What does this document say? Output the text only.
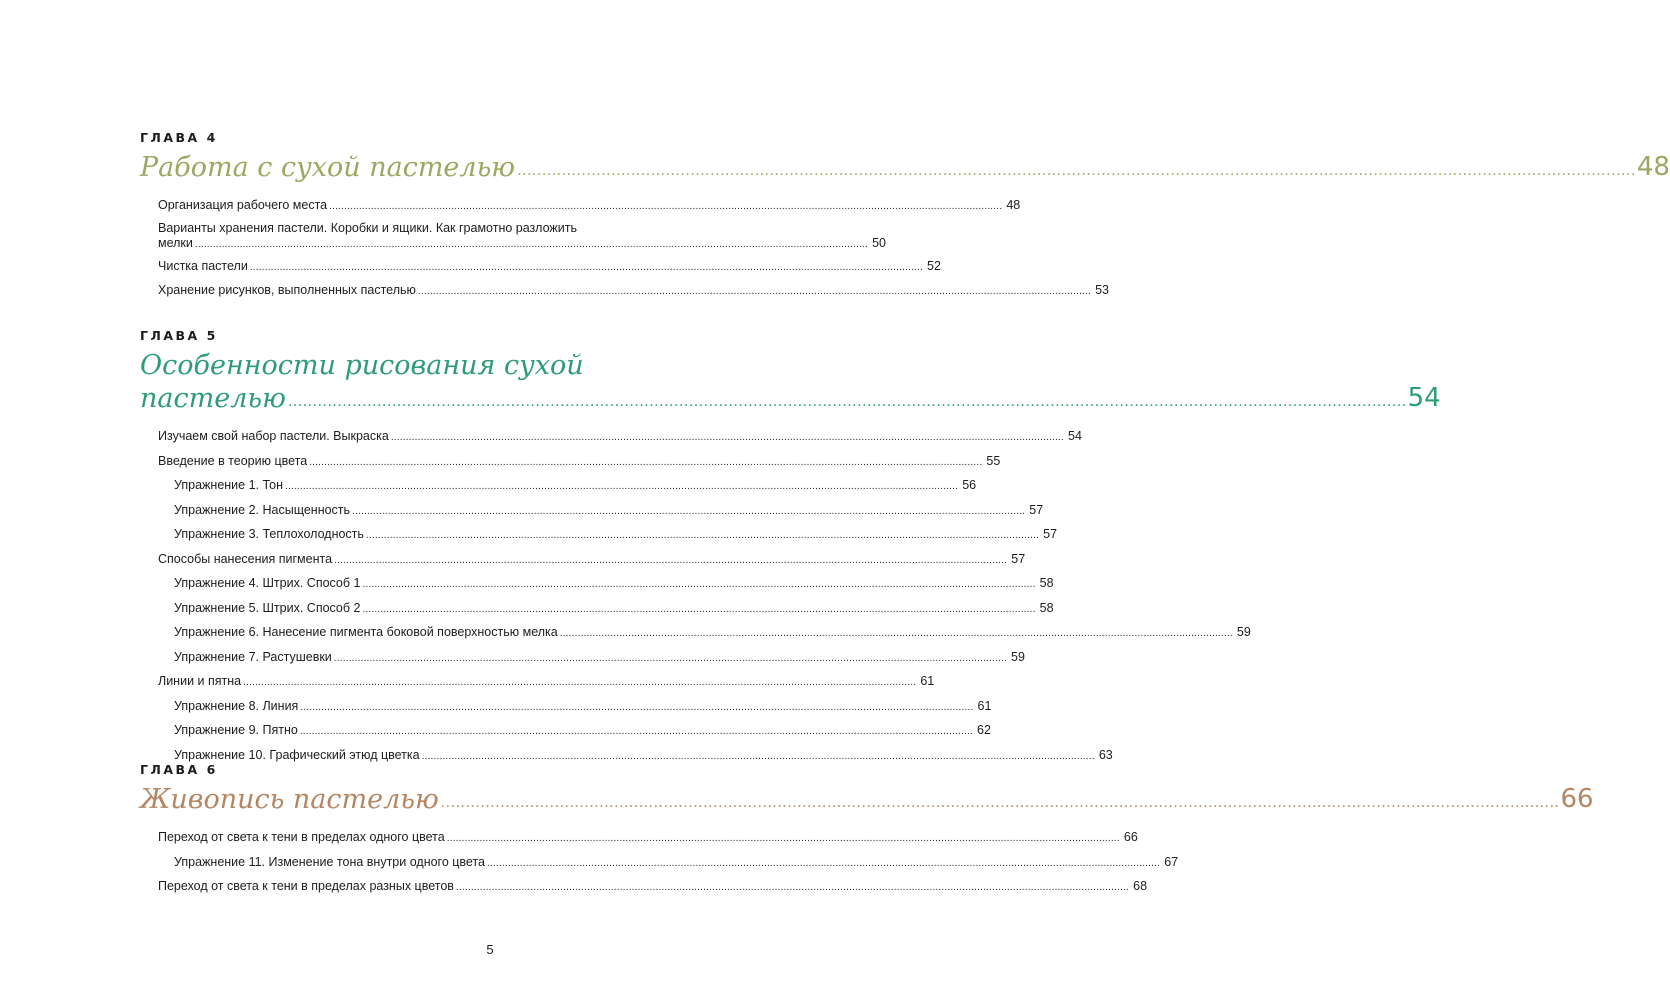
ГЛАВА 4
Работа с сухой пастелью .................................................................................................................................................................................................................................. 48
Организация рабочего места .................................................................................................................................................................................................................................. 48
Варианты хранения пастели. Коробки и ящики. Как грамотно разложить
мелки .................................................................................................................................................................................................................................. 50
Чистка пастели .................................................................................................................................................................................................................................. 52
Хранение рисунков, выполненных пастелью .................................................................................................................................................................................................................................. 53
ГЛАВА 5
Особенности рисования сухой
пастелью .................................................................................................................................................................................................................................. 54
Изучаем свой набор пастели. Выкраска .................................................................................................................................................................................................................................. 54
Введение в теорию цвета .................................................................................................................................................................................................................................. 55
Упражнение 1. Тон .................................................................................................................................................................................................................................. 56
Упражнение 2. Насыщенность .................................................................................................................................................................................................................................. 57
Упражнение 3. Теплохолодность .................................................................................................................................................................................................................................. 57
Способы нанесения пигмента .................................................................................................................................................................................................................................. 57
Упражнение 4. Штрих. Способ 1 .................................................................................................................................................................................................................................. 58
Упражнение 5. Штрих. Способ 2 .................................................................................................................................................................................................................................. 58
Упражнение 6. Нанесение пигмента боковой поверхностью мелка .................................................................................................................................................................................................................................. 59
Упражнение 7. Растушевки .................................................................................................................................................................................................................................. 59
Линии и пятна .................................................................................................................................................................................................................................. 61
Упражнение 8. Линия .................................................................................................................................................................................................................................. 61
Упражнение 9. Пятно .................................................................................................................................................................................................................................. 62
Упражнение 10. Графический этюд цветка .................................................................................................................................................................................................................................. 63
ГЛАВА 6
Живопись пастелью .................................................................................................................................................................................................................................. 66
Переход от света к тени в пределах одного цвета .................................................................................................................................................................................................................................. 66
Упражнение 11. Изменение тона внутри одного цвета .................................................................................................................................................................................................................................. 67
Переход от света к тени в пределах разных цветов .................................................................................................................................................................................................................................. 68
5
